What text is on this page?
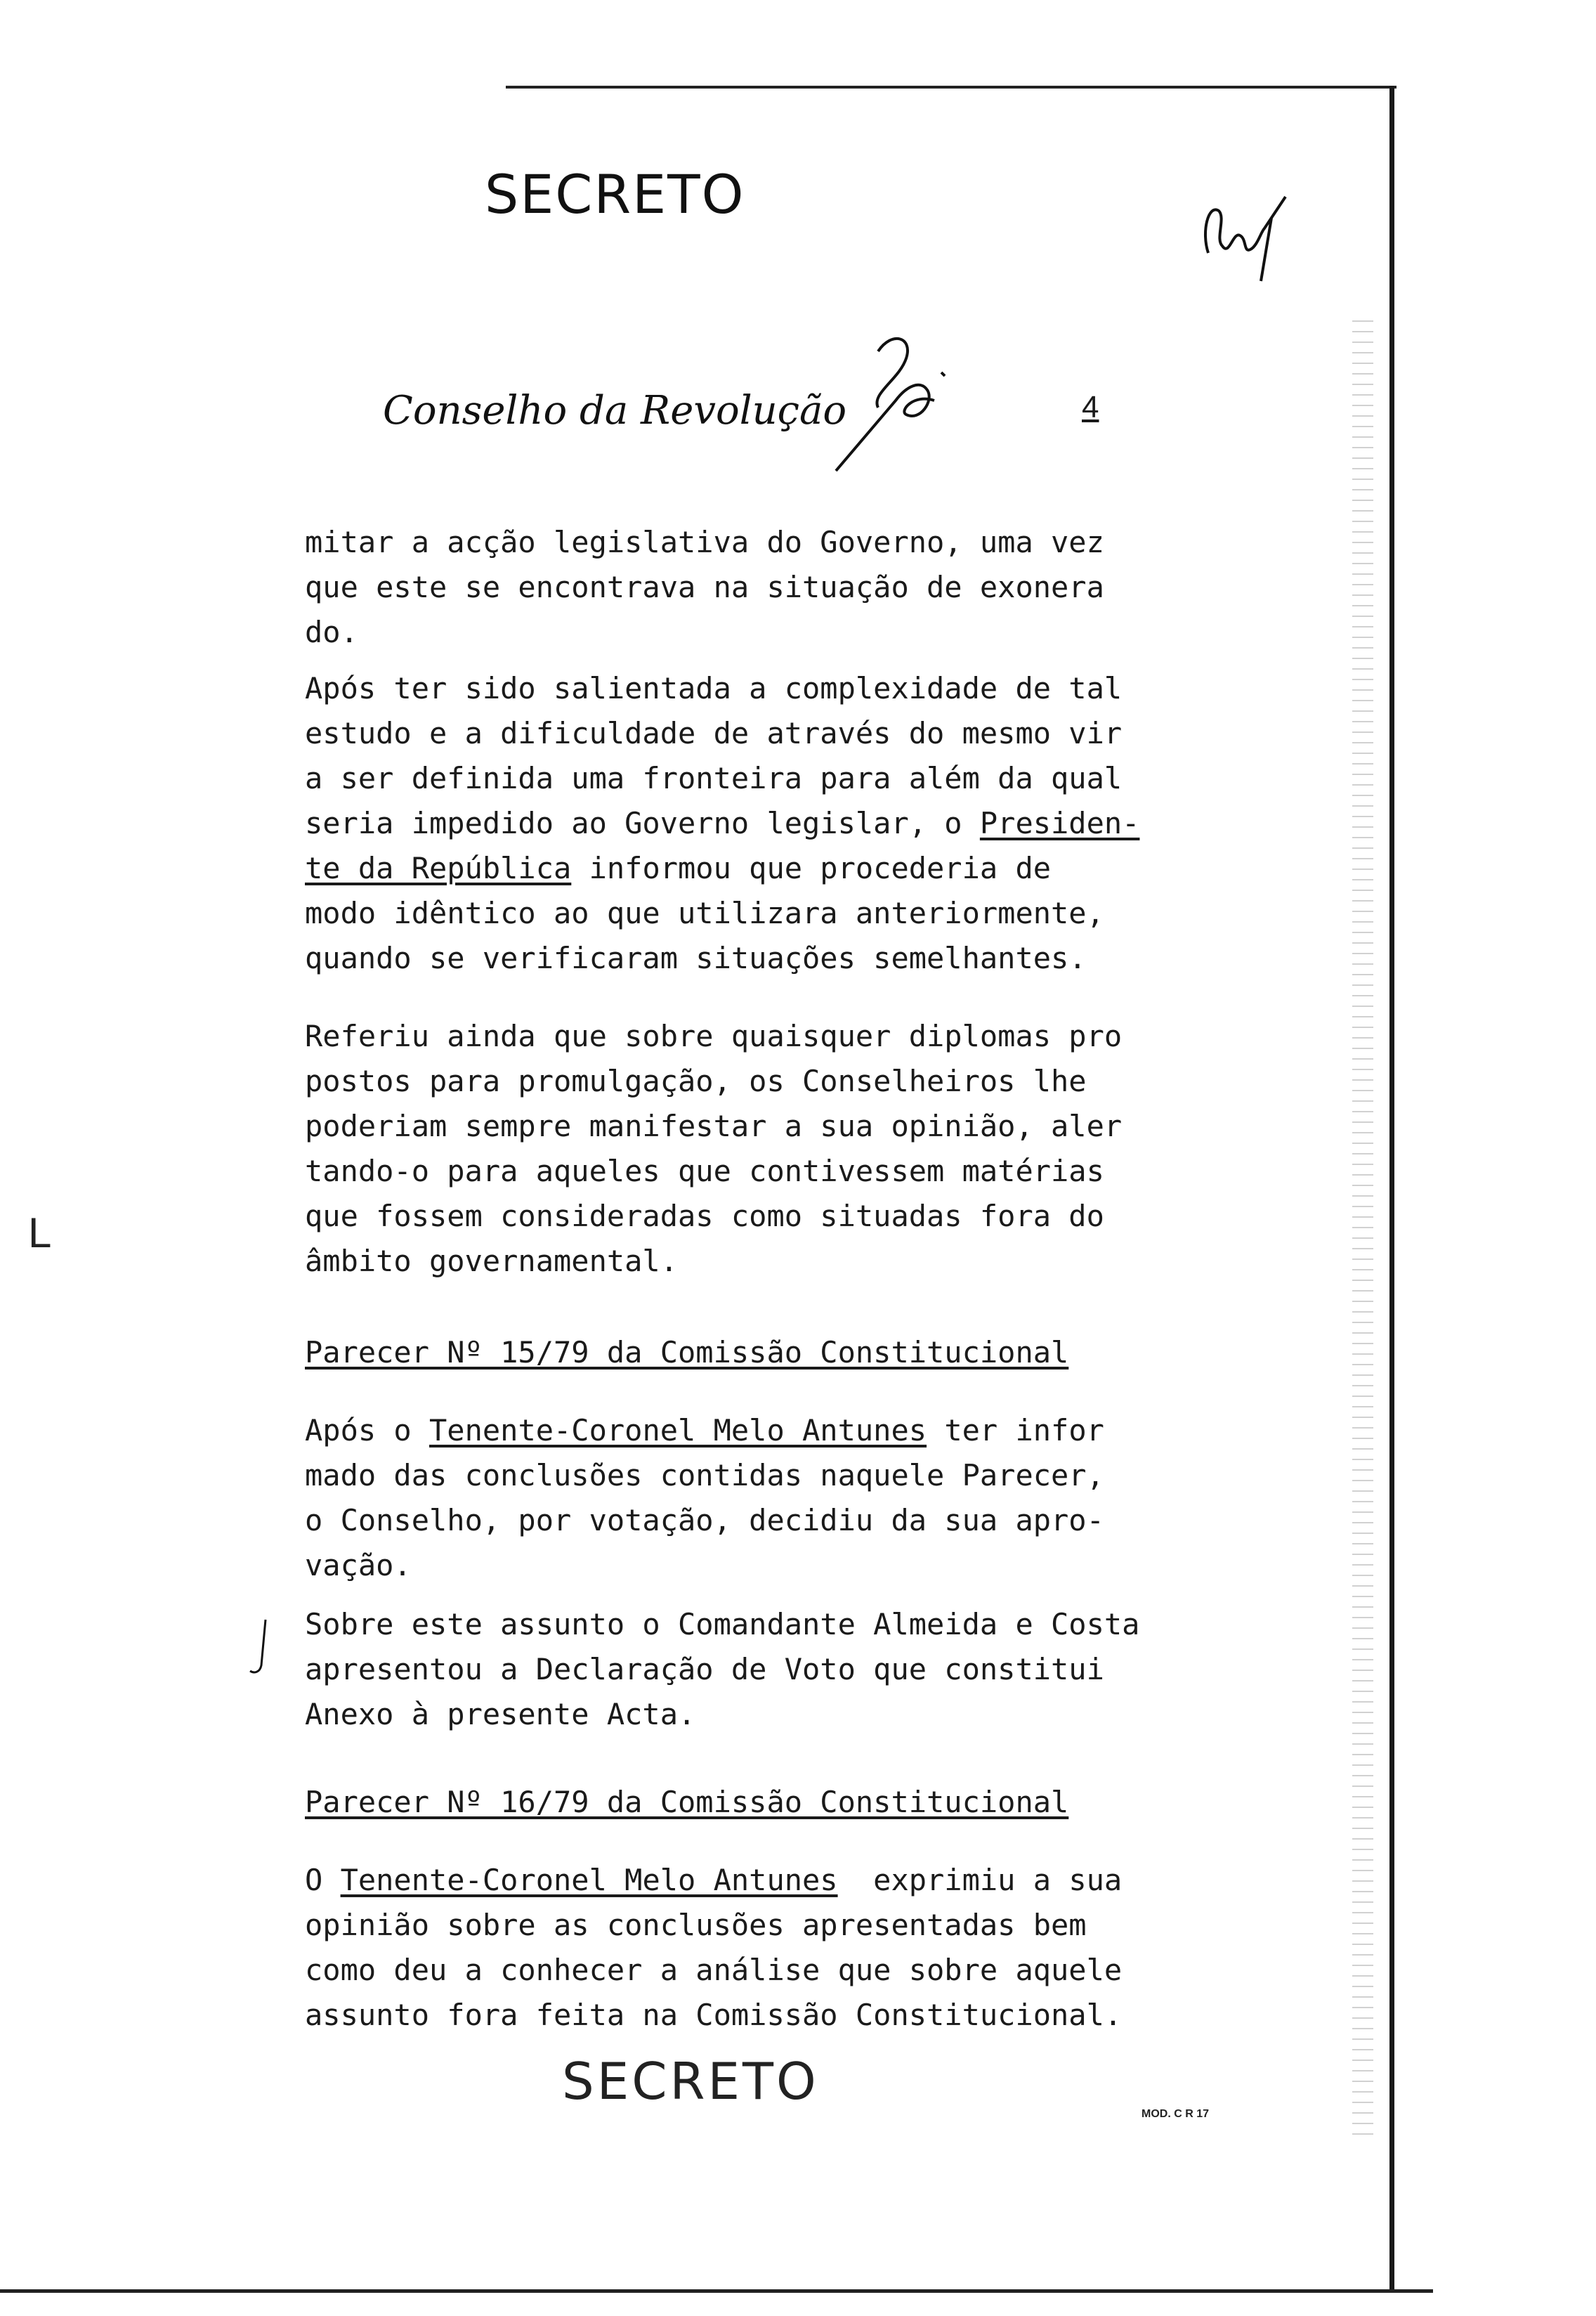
SECRETO
Conselho da Revolução	4
mitar a acção legislativa do Governo, uma vez
que este se encontrava na situação de exonera
do.
Após ter sido salientada a complexidade de tal
estudo e a dificuldade de através do mesmo vir
a ser definida uma fronteira para além da qual
seria impedido ao Governo legislar, o Presiden-
te da República informou que procederia de
modo idêntico ao que utilizara anteriormente,
quando se verificaram situações semelhantes.
Referiu ainda que sobre quaisquer diplomas pro
postos para promulgação, os Conselheiros lhe
poderiam sempre manifestar a sua opinião, aler
tando-o para aqueles que contivessem matérias
que fossem consideradas como situadas fora do
âmbito governamental.
L
Parecer Nº 15/79 da Comissão Constitucional
Após o Tenente-Coronel Melo Antunes ter infor
mado das conclusões contidas naquele Parecer,
o Conselho, por votação, decidiu da sua apro-
vação.
Sobre este assunto o Comandante Almeida e Costa
apresentou a Declaração de Voto que constitui
Anexo à presente Acta.
Parecer Nº 16/79 da Comissão Constitucional
O Tenente-Coronel Melo Antunes  exprimiu a sua
opinião sobre as conclusões apresentadas bem
como deu a conhecer a análise que sobre aquele
assunto fora feita na Comissão Constitucional.
SECRETO
MOD. C R 17
